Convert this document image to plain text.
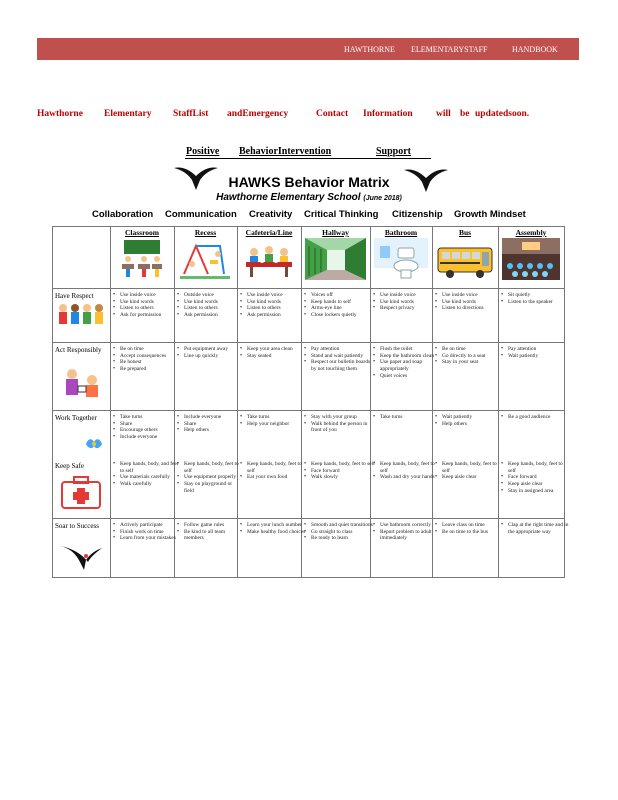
HAWTHORNE ELEMENTARYSTAFF	HANDBOOK
Hawthorne Elementary StaffList andEmergency	Contact Information will be updatedsoon.
Positive BehaviorIntervention	Support
HAWKS Behavior Matrix
Hawthorne Elementary School (June 2018)
Collaboration Communication Creativity Critical Thinking Citizenship Growth Mindset
Classroom	Recess	Cafeteria/Line	Hallway	Bathroom	Bus	Assembly
Have Respect
Act Responsibly
Work Together
Keep Safe
Soar to Success
• Use inside voice
• Use kind words
• Listen to others
• Ask for permission
• Outside voice
• Use kind words
• Listen to others
• Ask permission
• Use inside voice
• Use kind words
• Listen to others
• Ask permission
• Voices off
• Keep hands to self
• Arms-eye line
• Close lockers quietly
• Use inside voice
• Use kind words
• Respect privacy
• Use inside voice
• Use kind words
• Listen to directions
• Sit quietly
• Listen to the speaker
• Be on time
• Accept consequences
• Be honest
• Be prepared
• Put equipment away
• Line up quickly
• Keep your area clean
• Stay seated
• Pay attention
• Stand and wait patiently
• Respect our bulletin boards by not touching them
• Flush the toilet
• Keep the bathroom clean
• Use paper and soap appropriately
• Quiet voices
• Be on time
• Go directly to a seat
• Stay in your seat
• Pay attention
• Wait patiently
• Take turns
• Share
• Encourage others
• Include everyone
• Include everyone
• Share
• Help others
• Take turns
• Help your neighbor
• Stay with your group
• Walk behind the person in front of you
• Take turns
•	Wait patiently
• Help others
• Be a good audience
• Keep hands, body, and feet to self
• Use materials carefully
• Walk carefully
• Keep hands, body, feet to self
• Use equipment properly
• Stay on playground or field
• Keep hands, body, feet to self
• Eat your own food
• Keep hands, body, feet to self
• Face forward
• Walk slowly
• Keep hands, body, feet to self
• Wash and dry your hands
• Keep hands, body, feet to self
• Keep aisle clear
• Keep hands, body, feet to self
• Face forward
• Keep aisle clear
• Stay in assigned area
• Actively participate
• Finish work on time
• Learn from your mistakes
• Follow game rules
• Be kind to all team members
• Learn your lunch number
• Make healthy food choices
• Smooth and quiet transitions
• Go straight to class
• Be ready to learn
• Use bathroom correctly
• Report problem to adult immediately
• Leave class on time
• Be on time to the bus
• Clap at the right time and in the appropriate way
